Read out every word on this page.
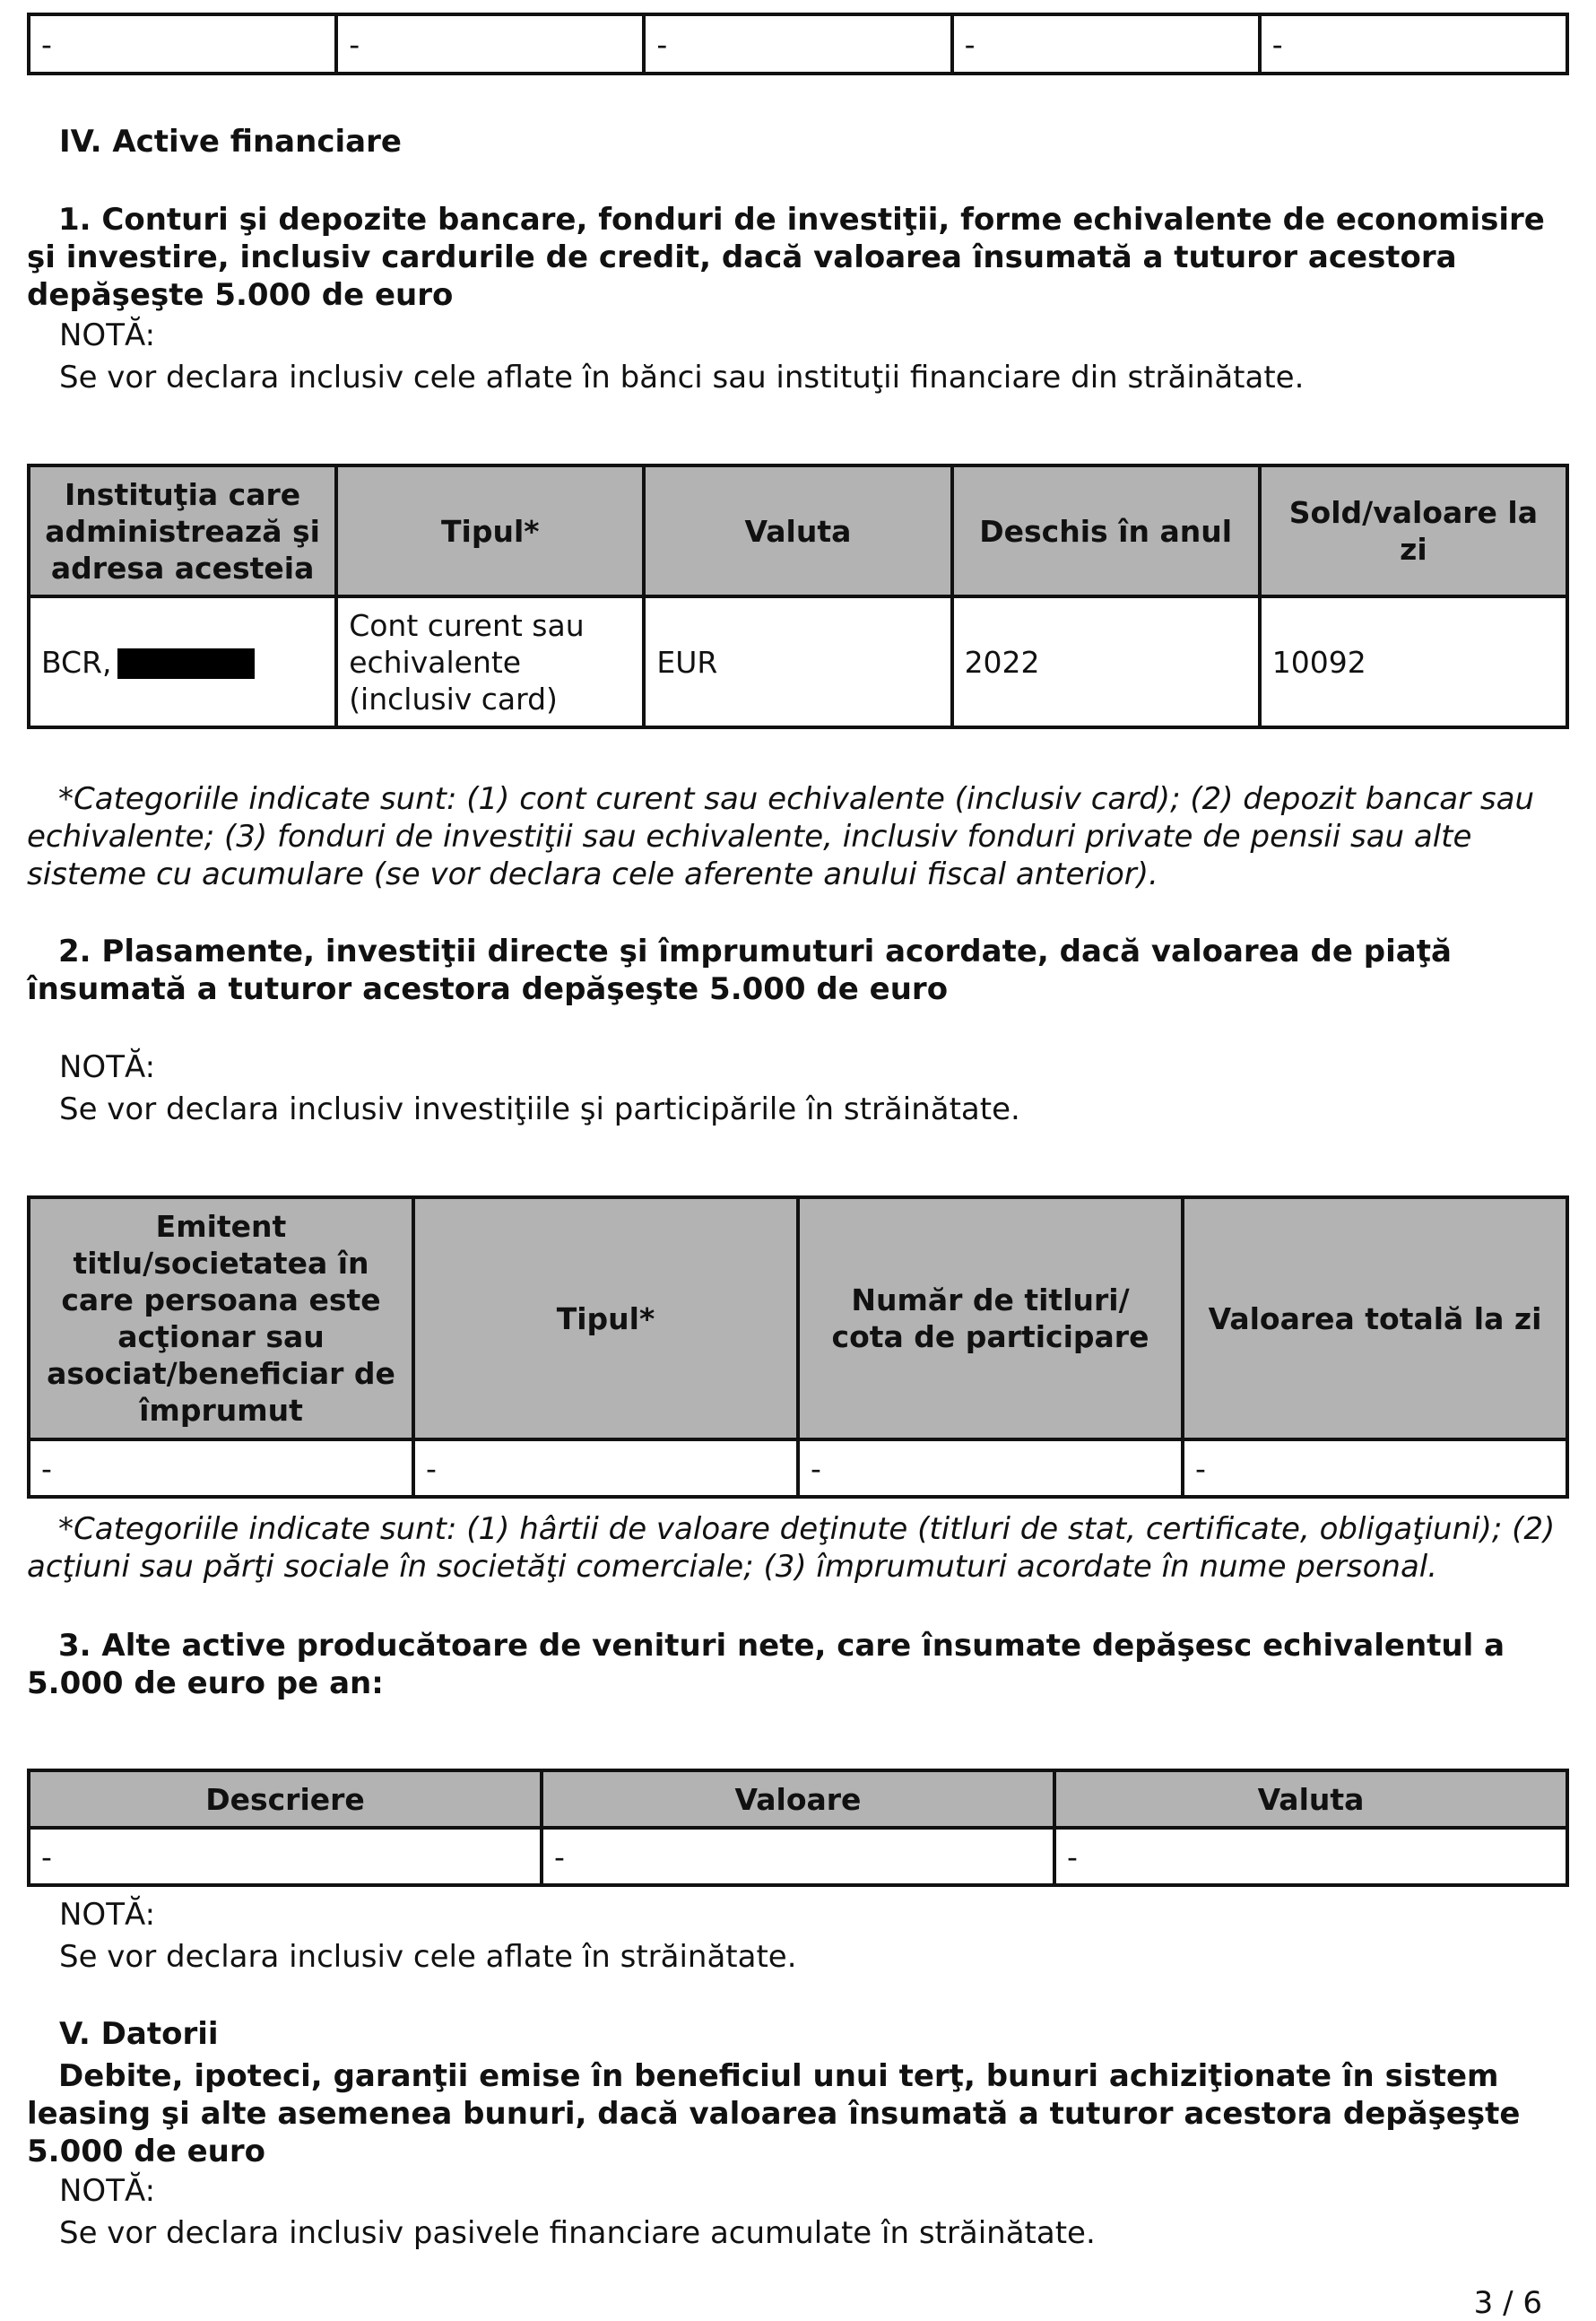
-	-	-	-	-

IV. Active financiare

1. Conturi şi depozite bancare, fonduri de investiţii, forme echivalente de economisire şi investire, inclusiv cardurile de credit, dacă valoarea însumată a tuturor acestora depăşeşte 5.000 de euro

NOTĂ:

Se vor declara inclusiv cele aflate în bănci sau instituţii financiare din străinătate.

Instituţia care administrează şi adresa acesteia	Tipul*	Valuta	Deschis în anul	Sold/valoare la zi
BCR,	Cont curent sau echivalente (inclusiv card)	EUR	2022	10092

*Categoriile indicate sunt: (1) cont curent sau echivalente (inclusiv card); (2) depozit bancar sau echivalente; (3) fonduri de investiţii sau echivalente, inclusiv fonduri private de pensii sau alte sisteme cu acumulare (se vor declara cele aferente anului fiscal anterior).

2. Plasamente, investiţii directe şi împrumuturi acordate, dacă valoarea de piaţă însumată a tuturor acestora depăşeşte 5.000 de euro

NOTĂ:

Se vor declara inclusiv investiţiile şi participările în străinătate.

Emitent titlu/societatea în care persoana este acţionar sau asociat/beneficiar de împrumut	Tipul*	Număr de titluri/ cota de participare	Valoarea totală la zi
-	-	-	-

*Categoriile indicate sunt: (1) hârtii de valoare deţinute (titluri de stat, certificate, obligaţiuni); (2) acţiuni sau părţi sociale în societăţi comerciale; (3) împrumuturi acordate în nume personal.

3. Alte active producătoare de venituri nete, care însumate depăşesc echivalentul a 5.000 de euro pe an:

Descriere	Valoare	Valuta
-	-	-

NOTĂ:

Se vor declara inclusiv cele aflate în străinătate.

V. Datorii

Debite, ipoteci, garanţii emise în beneficiul unui terţ, bunuri achiziţionate în sistem leasing şi alte asemenea bunuri, dacă valoarea însumată a tuturor acestora depăşeşte 5.000 de euro

NOTĂ:

Se vor declara inclusiv pasivele financiare acumulate în străinătate.

3 / 6
